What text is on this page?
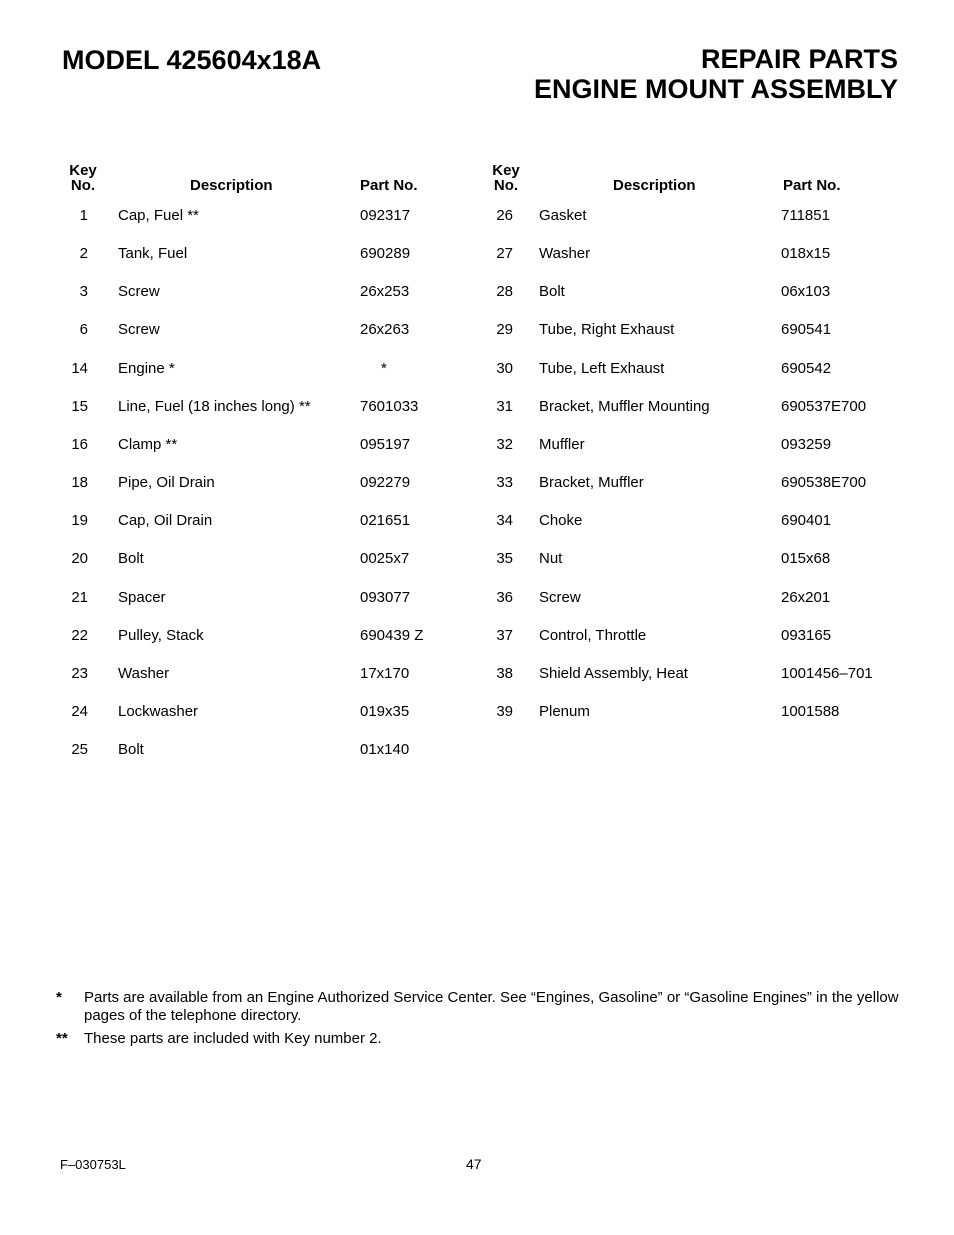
MODEL 425604x18A	REPAIR PARTS
ENGINE MOUNT ASSEMBLY
Key
No.	Description	Part No.
1 Cap, Fuel **	092317
2 Tank, Fuel	690289
3 Screw	26x253
6 Screw	26x263
14 Engine *	*
15 Line, Fuel (18 inches long) **	7601033
16 Clamp **	095197
18 Pipe, Oil Drain	092279
19 Cap, Oil Drain	021651
20 Bolt	0025x7
21 Spacer	093077
22 Pulley, Stack	690439 Z
23 Washer	17x170
24 Lockwasher	019x35
25 Bolt	01x140
Key
No.	Description	Part No.
26 Gasket	711851
27 Washer	018x15
28 Bolt	06x103
29 Tube, Right Exhaust	690541
30 Tube, Left Exhaust	690542
31 Bracket, Muffler Mounting	690537E700
32 Muffler	093259
33 Bracket, Muffler	690538E700
34 Choke	690401
35 Nut	015x68
36 Screw	26x201
37 Control, Throttle	093165
38 Shield Assembly, Heat	1001456–701
39 Plenum	1001588
* Parts are available from an Engine Authorized Service Center. See “Engines, Gasoline” or “Gasoline Engines” in the yellow pages of the telephone directory.
** These parts are included with Key number 2.
F–030753L	47
